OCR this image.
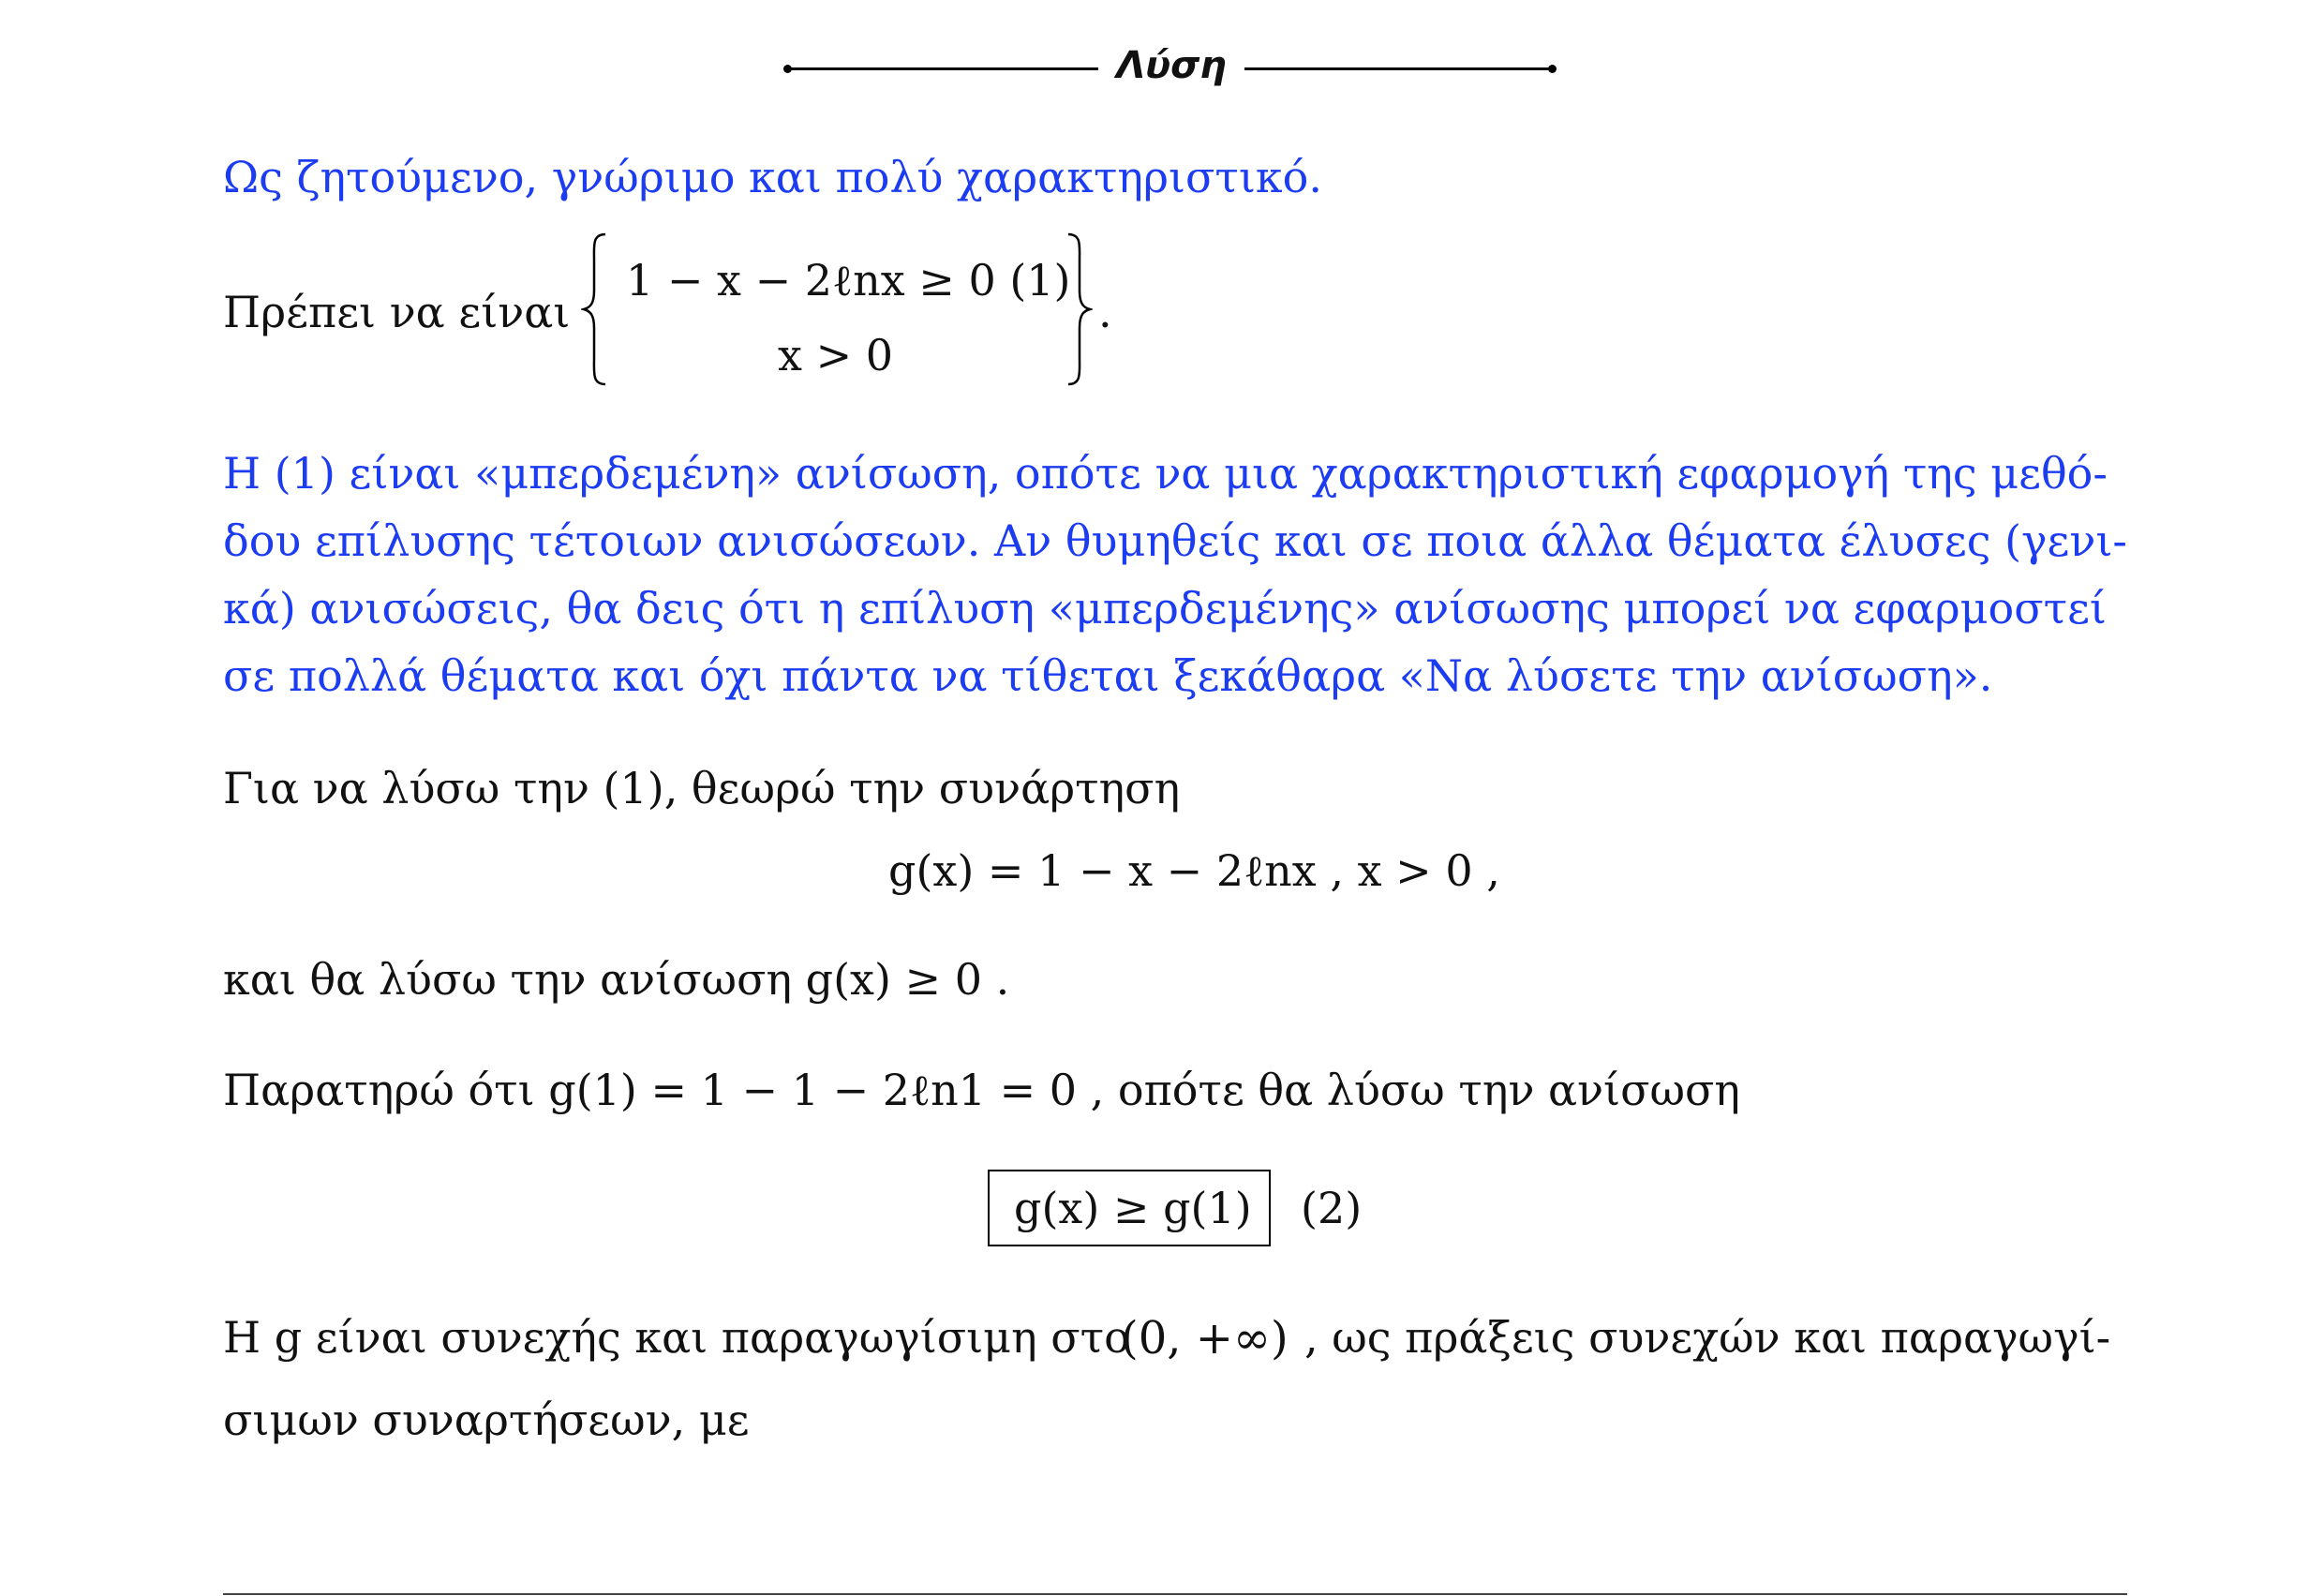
Λύση
Ως ζητούμενο, γνώριμο και πολύ χαρακτηριστικό.
Πρέπει να είναι
1 − x − 2ℓnx ≥ 0 (1)
x > 0
.
Η (1) είναι «μπερδεμένη» ανίσωση, οπότε να μια χαρακτηριστική εφαρμογή της μεθό-
δου επίλυσης τέτοιων ανισώσεων. Αν θυμηθείς και σε ποια άλλα θέματα έλυσες (γενι-
κά) ανισώσεις, θα δεις ότι η επίλυση «μπερδεμένης» ανίσωσης μπορεί να εφαρμοστεί
σε πολλά θέματα και όχι πάντα να τίθεται ξεκάθαρα «Να λύσετε την ανίσωση».
Για να λύσω την (1), θεωρώ την συνάρτηση
g(x) = 1 − x − 2ℓnx , x > 0 ,
και θα λύσω την ανίσωση g(x) ≥ 0 .
Παρατηρώ ότι g(1) = 1 − 1 − 2ℓn1 = 0 , οπότε θα λύσω την ανίσωση
g(x) ≥ g(1) (2)
Η g είναι συνεχής και παραγωγίσιμη στο
(0, +∞) , ως πράξεις συνεχών και παραγωγί-
σιμων συναρτήσεων, με
